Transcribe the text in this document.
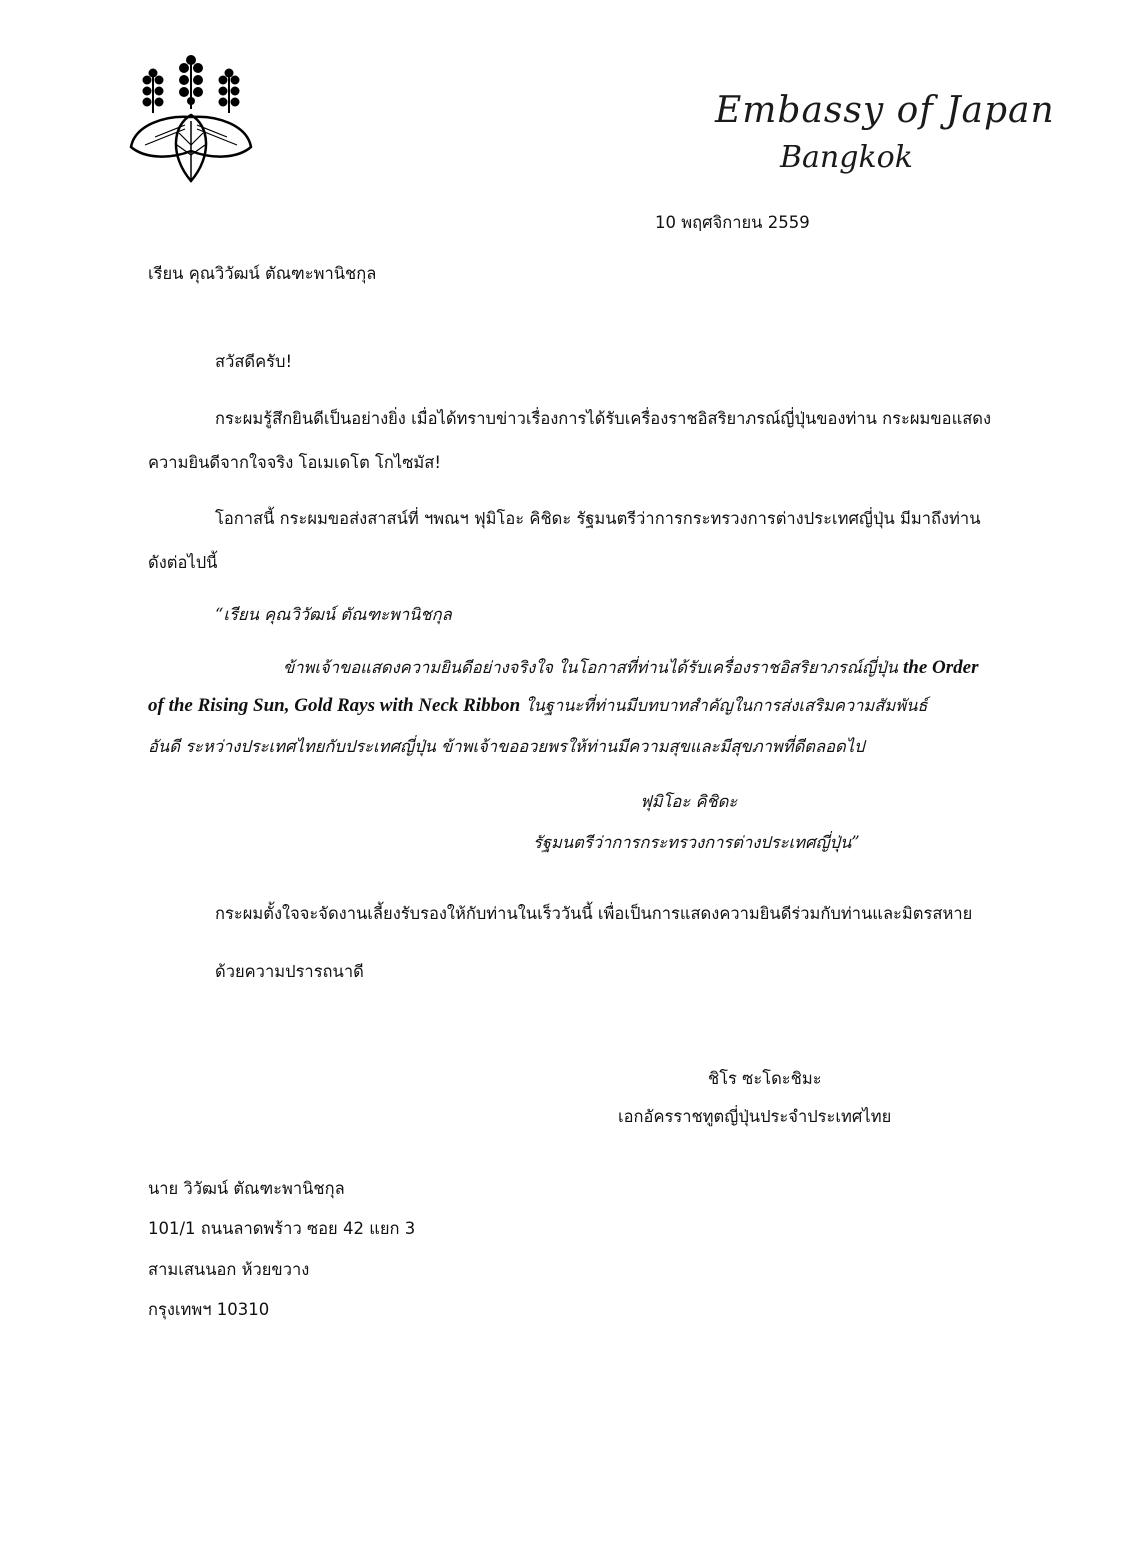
Embassy of Japan
Bangkok
10 พฤศจิกายน 2559
เรียน คุณวิวัฒน์ ตัณฑะพานิชกุล
สวัสดีครับ!
กระผมรู้สึกยินดีเป็นอย่างยิ่ง เมื่อได้ทราบข่าวเรื่องการได้รับเครื่องราชอิสริยาภรณ์ญี่ปุ่นของท่าน กระผมขอแสดง
ความยินดีจากใจจริง โอเมเดโต โกไซมัส!
โอกาสนี้ กระผมขอส่งสาสน์ที่ ฯพณฯ ฟุมิโอะ คิชิดะ รัฐมนตรีว่าการกระทรวงการต่างประเทศญี่ปุ่น มีมาถึงท่าน
ดังต่อไปนี้
“เรียน คุณวิวัฒน์ ตัณฑะพานิชกุล
ข้าพเจ้าขอแสดงความยินดีอย่างจริงใจ ในโอกาสที่ท่านได้รับเครื่องราชอิสริยาภรณ์ญี่ปุ่น the Order
of the Rising Sun, Gold Rays with Neck Ribbon ในฐานะที่ท่านมีบทบาทสำคัญในการส่งเสริมความสัมพันธ์
อันดี ระหว่างประเทศไทยกับประเทศญี่ปุ่น ข้าพเจ้าขออวยพรให้ท่านมีความสุขและมีสุขภาพที่ดีตลอดไป
ฟุมิโอะ คิชิดะ
รัฐมนตรีว่าการกระทรวงการต่างประเทศญี่ปุ่น”
กระผมตั้งใจจะจัดงานเลี้ยงรับรองให้กับท่านในเร็ววันนี้ เพื่อเป็นการแสดงความยินดีร่วมกับท่านและมิตรสหาย
ด้วยความปรารถนาดี
ชิโร ซะโดะชิมะ
เอกอัครราชทูตญี่ปุ่นประจำประเทศไทย
นาย วิวัฒน์ ตัณฑะพานิชกุล
101/1 ถนนลาดพร้าว ซอย 42 แยก 3
สามเสนนอก ห้วยขวาง
กรุงเทพฯ 10310
